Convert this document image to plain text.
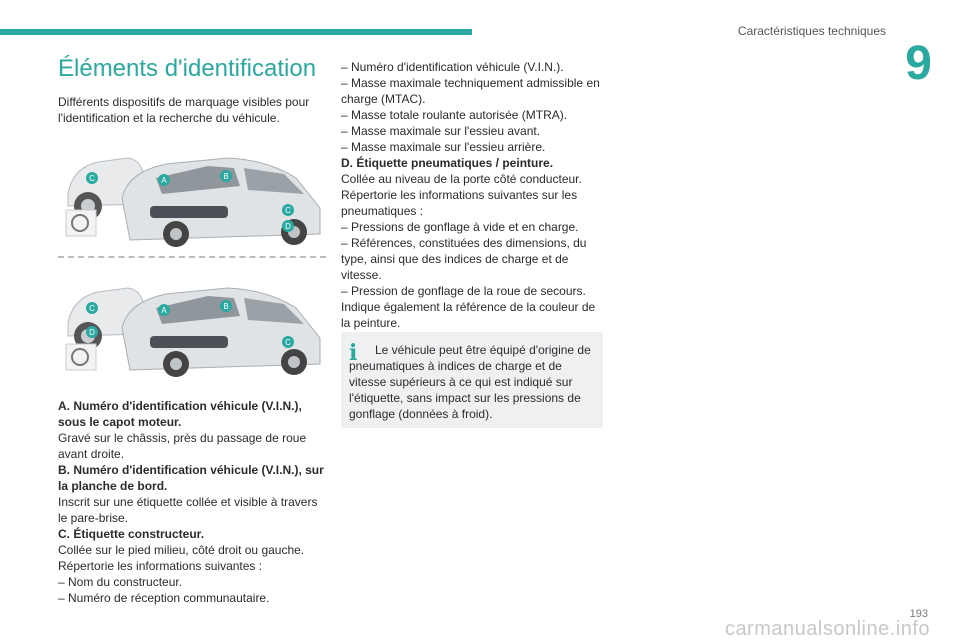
Caractéristiques techniques
9
Éléments d'identification

Différents dispositifs de marquage visibles pour l'identification et la recherche du véhicule.

C	A	B
C
D
C
D
A	B
C

A. Numéro d'identification véhicule (V.I.N.), sous le capot moteur.

Gravé sur le châssis, près du passage de roue avant droite.

B. Numéro d'identification véhicule (V.I.N.), sur la planche de bord.

Inscrit sur une étiquette collée et visible à travers le pare-brise.

C. Étiquette constructeur.

Collée sur le pied milieu, côté droit ou gauche.

Répertorie les informations suivantes :

– Nom du constructeur.

– Numéro de réception communautaire.

– Numéro d'identification véhicule (V.I.N.).

– Masse maximale techniquement admissible en charge (MTAC).

– Masse totale roulante autorisée (MTRA).

– Masse maximale sur l'essieu avant.

– Masse maximale sur l'essieu arrière.

D. Étiquette pneumatiques / peinture.

Collée au niveau de la porte côté conducteur.

Répertorie les informations suivantes sur les pneumatiques :

– Pressions de gonflage à vide et en charge.

– Références, constituées des dimensions, du type, ainsi que des indices de charge et de vitesse.

– Pression de gonflage de la roue de secours.

Indique également la référence de la couleur de la peinture.

i	Le véhicule peut être équipé d'origine de pneumatiques à indices de charge et de vitesse supérieurs à ce qui est indiqué sur l'étiquette, sans impact sur les pressions de gonflage (données à froid).
193
carmanualsonline.info
